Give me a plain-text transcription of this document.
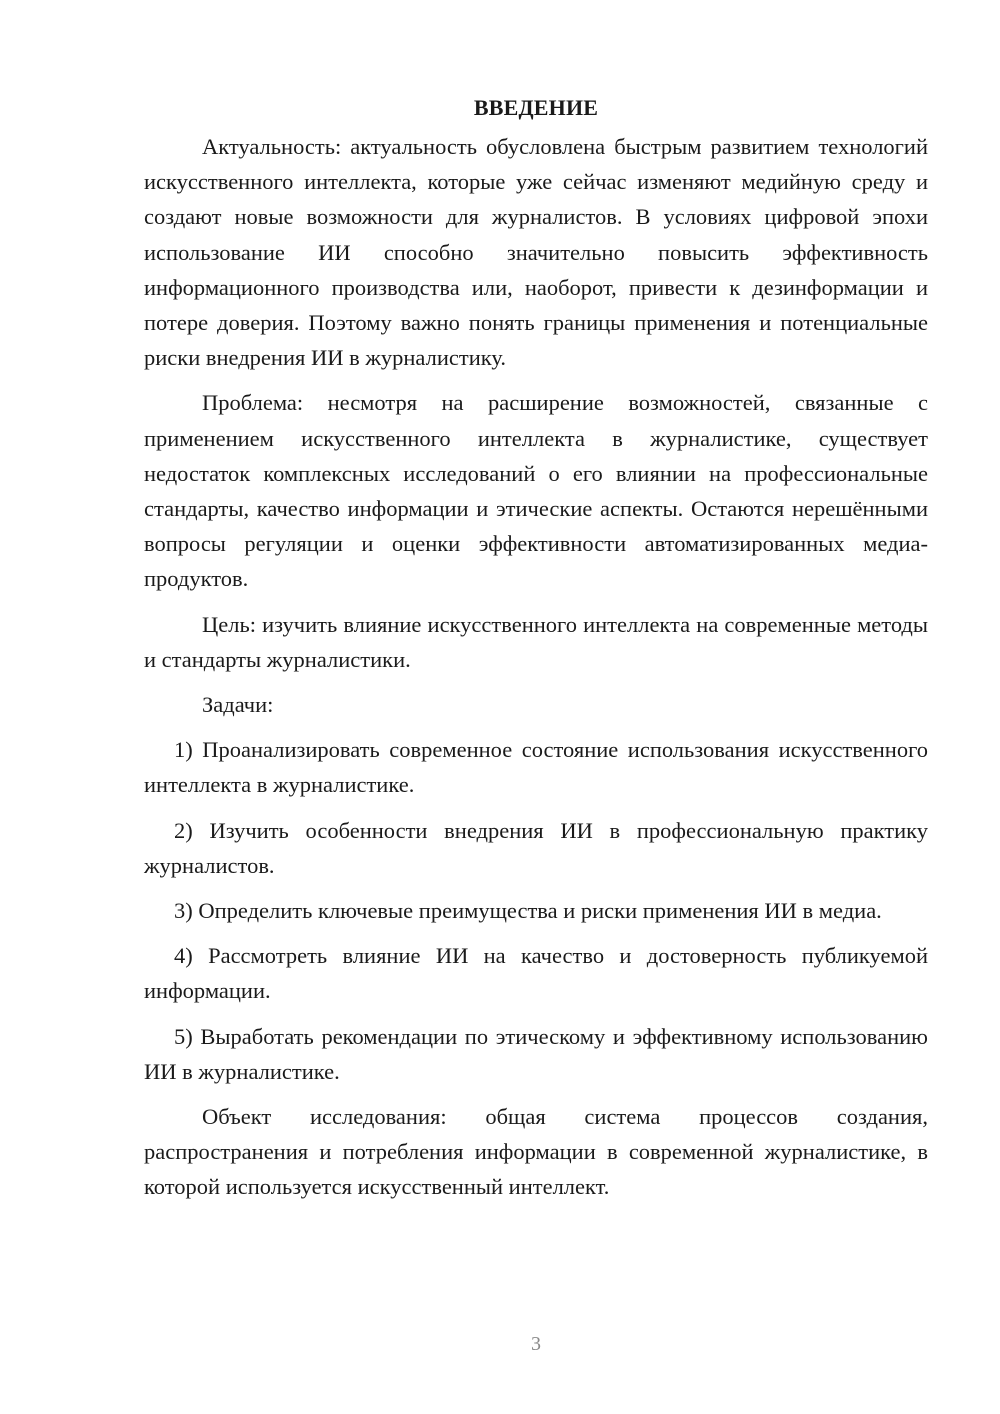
ВВЕДЕНИЕ

Актуальность: актуальность обусловлена быстрым развитием технологий искусственного интеллекта, которые уже сейчас изменяют медийную среду и создают новые возможности для журналистов. В условиях цифровой эпохи использование ИИ способно значительно повысить эффективность информационного производства или, наоборот, привести к дезинформации и потере доверия. Поэтому важно понять границы применения и потенциальные риски внедрения ИИ в журналистику.

Проблема: несмотря на расширение возможностей, связанные с применением искусственного интеллекта в журналистике, существует недостаток комплексных исследований о его влиянии на профессиональные стандарты, качество информации и этические аспекты. Остаются нерешёнными вопросы регуляции и оценки эффективности автоматизированных медиа-продуктов.

Цель: изучить влияние искусственного интеллекта на современные методы и стандарты журналистики.

Задачи:

1) Проанализировать современное состояние использования искусственного интеллекта в журналистике.

2) Изучить особенности внедрения ИИ в профессиональную практику журналистов.

3) Определить ключевые преимущества и риски применения ИИ в медиа.

4) Рассмотреть влияние ИИ на качество и достоверность публикуемой информации.

5) Выработать рекомендации по этическому и эффективному использованию ИИ в журналистике.

Объект исследования: общая система процессов создания, распространения и потребления информации в современной журналистике, в которой используется искусственный интеллект.

3
